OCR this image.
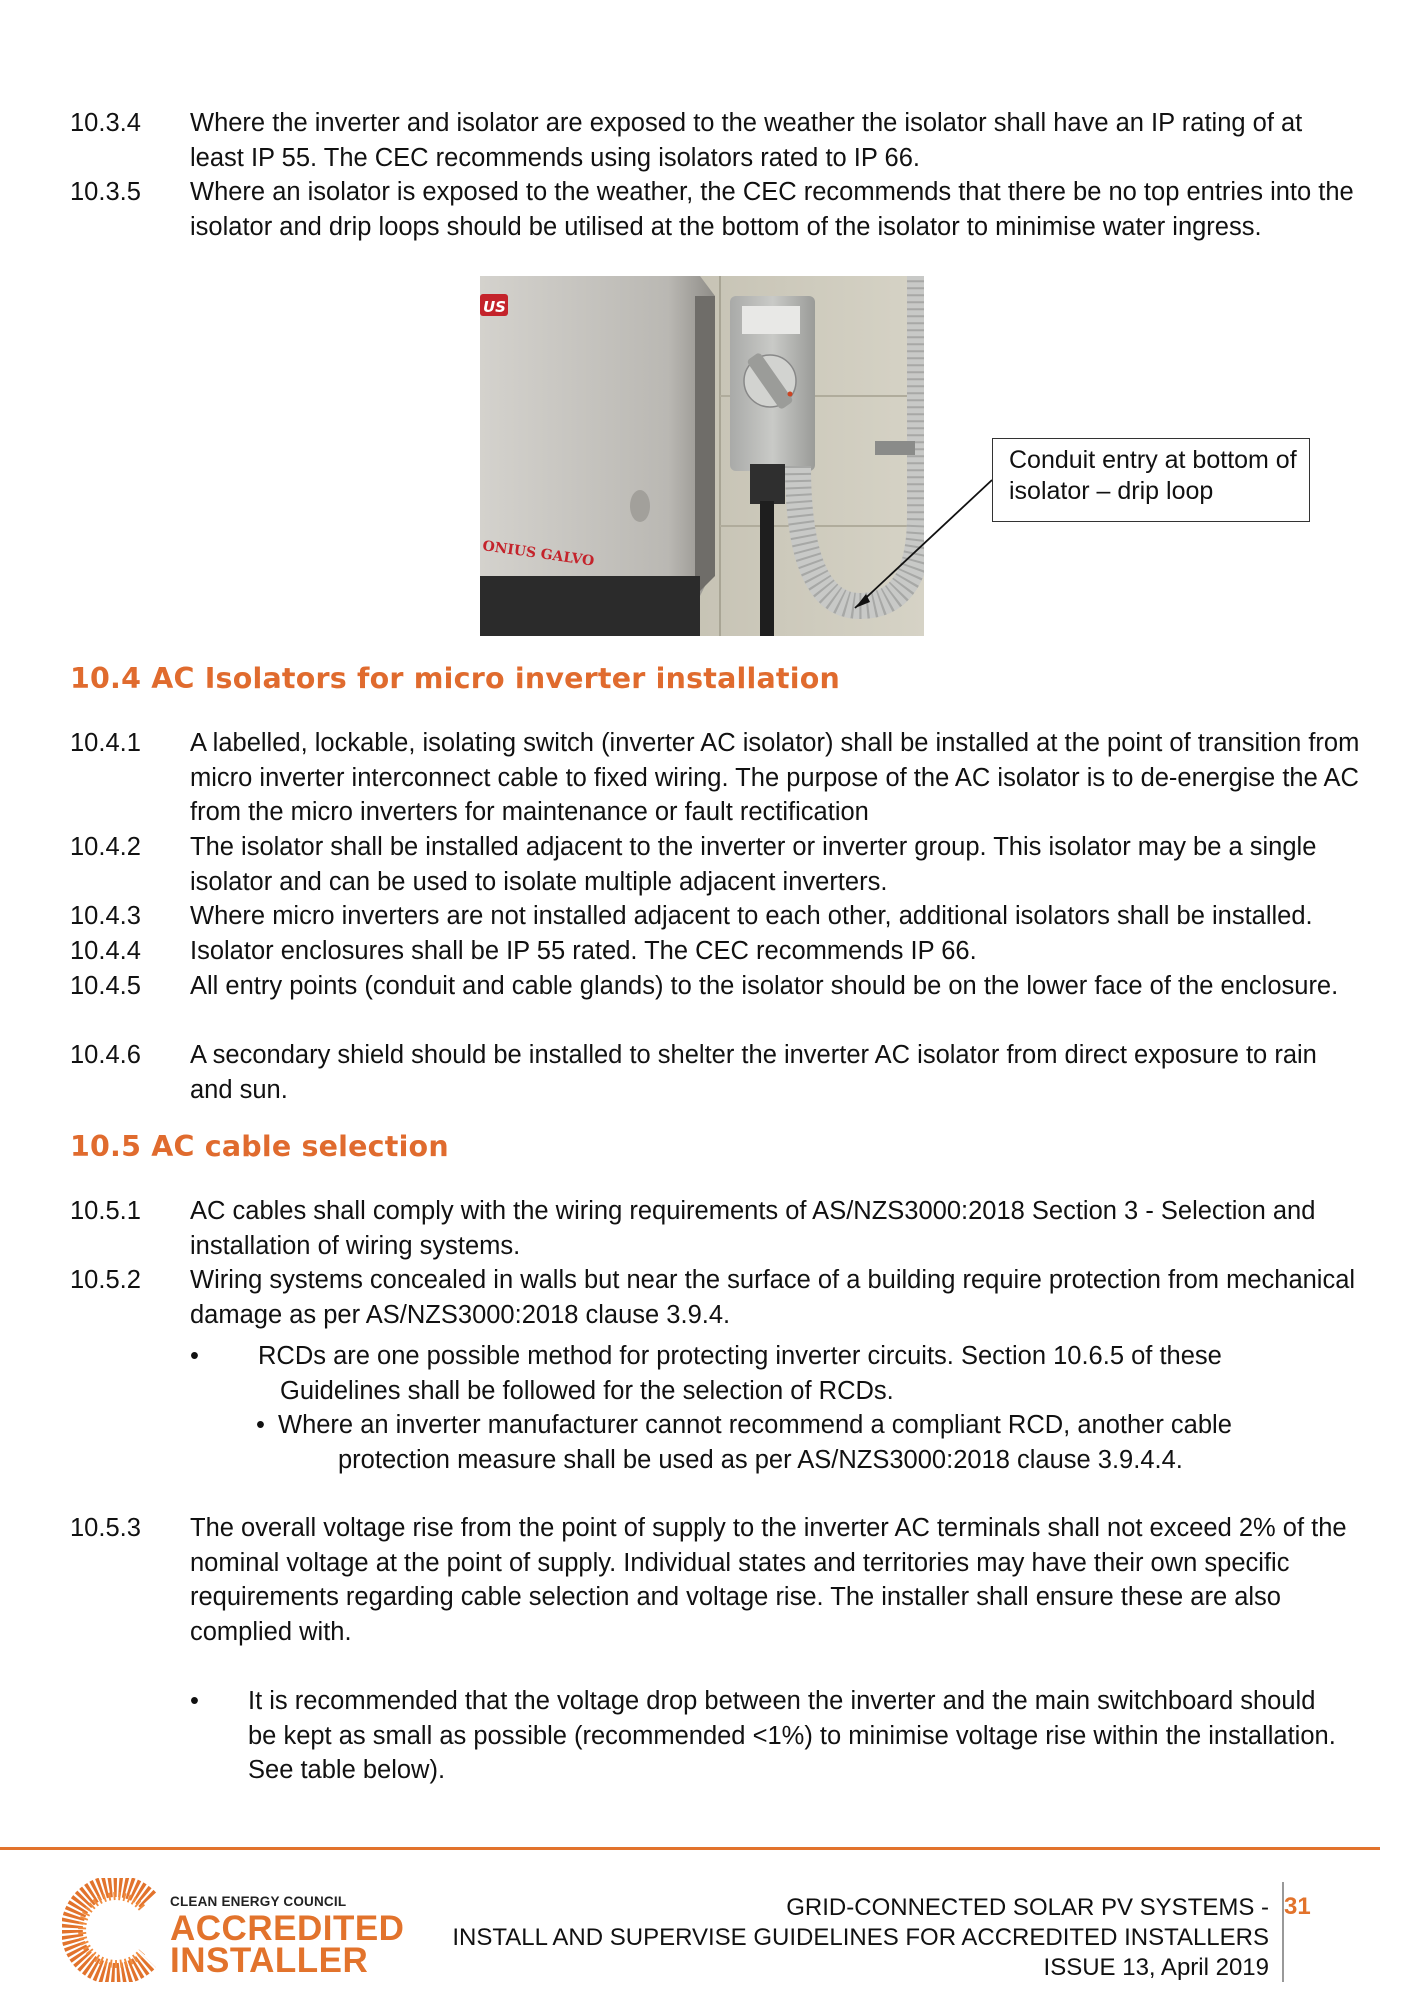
10.3.4	Where the inverter and isolator are exposed to the weather the isolator shall have an IP rating of at least IP 55. The CEC recommends using isolators rated to IP 66.
10.3.5	Where an isolator is exposed to the weather, the CEC recommends that there be no top entries into the isolator and drip loops should be utilised at the bottom of the isolator to minimise water ingress.
US
ONIUS GALVO
Conduit entry at bottom of isolator – drip loop
10.4 AC Isolators for micro inverter installation
10.4.1	A labelled, lockable, isolating switch (inverter AC isolator) shall be installed at the point of transition from micro inverter interconnect cable to fixed wiring. The purpose of the AC isolator is to de-energise the AC from the micro inverters for maintenance or fault rectification
10.4.2	The isolator shall be installed adjacent to the inverter or inverter group. This isolator may be a single isolator and can be used to isolate multiple adjacent inverters.
10.4.3	Where micro inverters are not installed adjacent to each other, additional isolators shall be installed.
10.4.4	Isolator enclosures shall be IP 55 rated. The CEC recommends IP 66.
10.4.5	All entry points (conduit and cable glands) to the isolator should be on the lower face of the enclosure.
10.4.6	A secondary shield should be installed to shelter the inverter AC isolator from direct exposure to rain and sun.
10.5 AC cable selection
10.5.1	AC cables shall comply with the wiring requirements of AS/NZS3000:2018 Section 3 - Selection and installation of wiring systems.
10.5.2	Wiring systems concealed in walls but near the surface of a building require protection from mechanical damage as per AS/NZS3000:2018 clause 3.9.4.
• RCDs are one possible method for protecting inverter circuits. Section 10.6.5 of these
Guidelines shall be followed for the selection of RCDs.
• Where an inverter manufacturer cannot recommend a compliant RCD, another cable
protection measure shall be used as per AS/NZS3000:2018 clause 3.9.4.4.
10.5.3	The overall voltage rise from the point of supply to the inverter AC terminals shall not exceed 2% of the nominal voltage at the point of supply. Individual states and territories may have their own specific requirements regarding cable selection and voltage rise. The installer shall ensure these are also complied with.
• It is recommended that the voltage drop between the inverter and the main switchboard should be kept as small as possible (recommended <1%) to minimise voltage rise within the installation. See table below).
CLEAN ENERGY COUNCIL
ACCREDITED
INSTALLER
GRID-CONNECTED SOLAR PV SYSTEMS -
INSTALL AND SUPERVISE GUIDELINES FOR ACCREDITED INSTALLERS
ISSUE 13, April 2019
31
